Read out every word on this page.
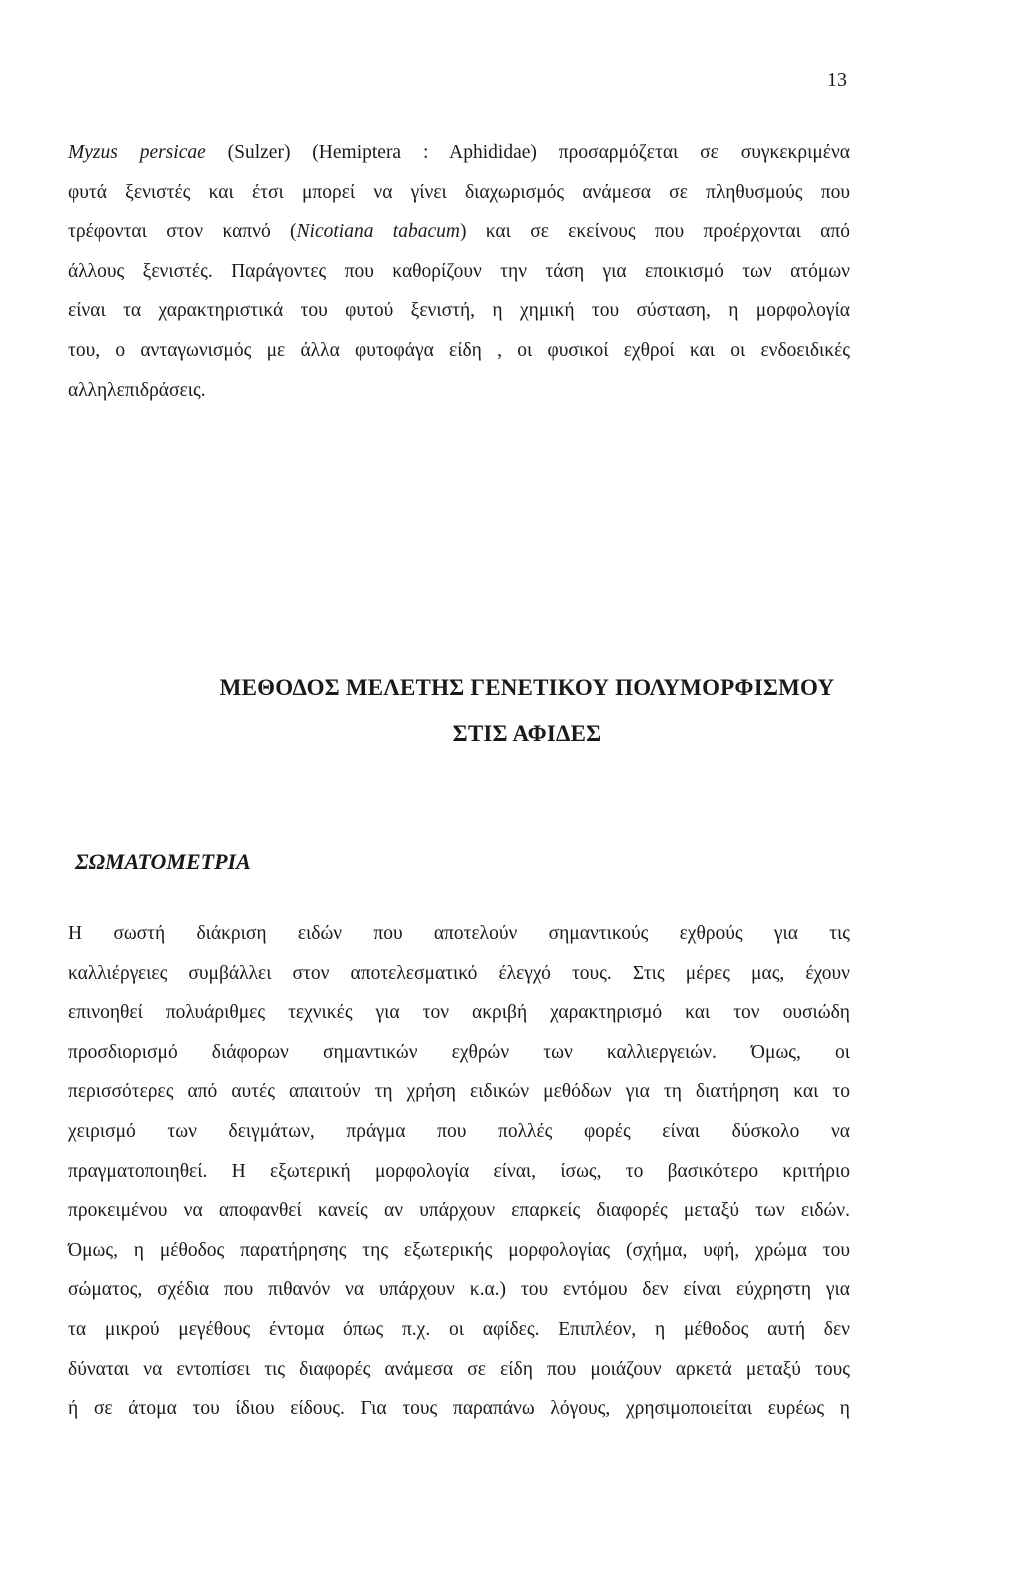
13
Myzus persicae (Sulzer) (Hemiptera : Aphididae) προσαρμόζεται σε συγκεκριμένα
φυτά ξενιστές και έτσι μπορεί να γίνει διαχωρισμός ανάμεσα σε πληθυσμούς που
τρέφονται στον καπνό (Nicotiana tabacum) και σε εκείνους που προέρχονται από
άλλους ξενιστές. Παράγοντες που καθορίζουν την τάση για εποικισμό των ατόμων
είναι τα χαρακτηριστικά του φυτού ξενιστή, η χημική του σύσταση, η μορφολογία
του, ο ανταγωνισμός με άλλα φυτοφάγα είδη , οι φυσικοί εχθροί και οι ενδοειδικές
αλληλεπιδράσεις.
ΜΕΘΟΔΟΣ ΜΕΛΕΤΗΣ ΓΕΝΕΤΙΚΟΥ ΠΟΛΥΜΟΡΦΙΣΜΟΥ
ΣΤΙΣ ΑΦΙΔΕΣ
ΣΩΜΑΤΟΜΕΤΡΙΑ
Η σωστή διάκριση ειδών που αποτελούν σημαντικούς εχθρούς για τις
καλλιέργειες συμβάλλει στον αποτελεσματικό έλεγχό τους. Στις μέρες μας, έχουν
επινοηθεί πολυάριθμες τεχνικές για τον ακριβή χαρακτηρισμό και τον ουσιώδη
προσδιορισμό διάφορων σημαντικών εχθρών των καλλιεργειών. Όμως, οι
περισσότερες από αυτές απαιτούν τη χρήση ειδικών μεθόδων για τη διατήρηση και το
χειρισμό των δειγμάτων, πράγμα που πολλές φορές είναι δύσκολο να
πραγματοποιηθεί. Η εξωτερική μορφολογία είναι, ίσως, το βασικότερο κριτήριο
προκειμένου να αποφανθεί κανείς αν υπάρχουν επαρκείς διαφορές μεταξύ των ειδών.
Όμως, η μέθοδος παρατήρησης της εξωτερικής μορφολογίας (σχήμα, υφή, χρώμα του
σώματος, σχέδια που πιθανόν να υπάρχουν κ.α.) του εντόμου δεν είναι εύχρηστη για
τα μικρού μεγέθους έντομα όπως π.χ. οι αφίδες. Επιπλέον, η μέθοδος αυτή δεν
δύναται να εντοπίσει τις διαφορές ανάμεσα σε είδη που μοιάζουν αρκετά μεταξύ τους
ή σε άτομα του ίδιου είδους. Για τους παραπάνω λόγους, χρησιμοποιείται ευρέως η
